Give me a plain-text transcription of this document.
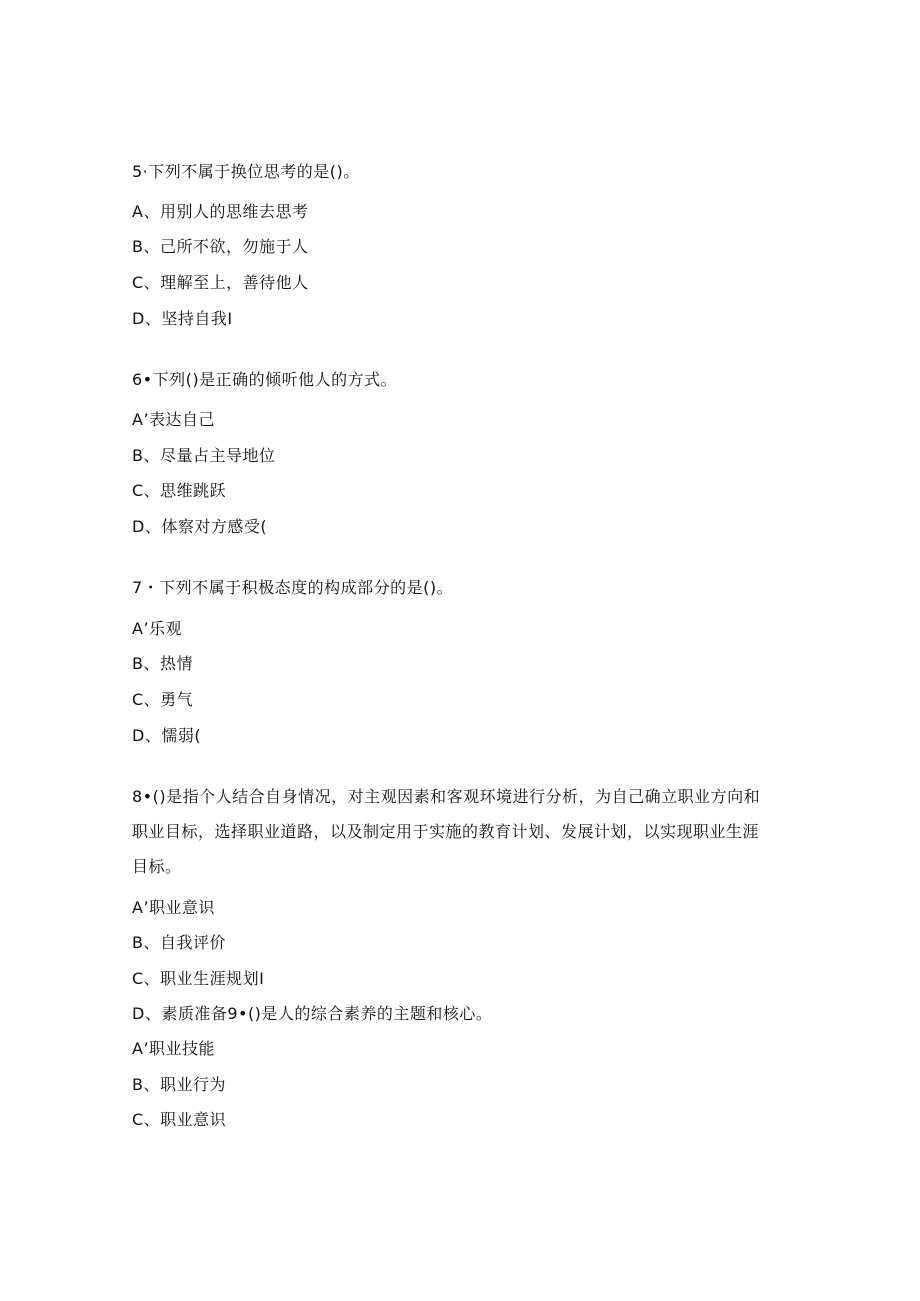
5·下列不属于换位思考的是()。
A、用别人的思维去思考
B、己所不欲，勿施于人
C、理解至上，善待他人
D、坚持自我I
6•下列()是正确的倾听他人的方式。
A’表达自己
B、尽量占主导地位
C、思维跳跃
D、体察对方感受(
7・下列不属于积极态度的构成部分的是()。
A’乐观
B、热情
C、勇气
D、懦弱(
8•()是指个人结合自身情况，对主观因素和客观环境进行分析，为自己确立职业方向和
职业目标，选择职业道路，以及制定用于实施的教育计划、发展计划，以实现职业生涯
目标。
A’职业意识
B、自我评价
C、职业生涯规划I
D、素质准备9•()是人的综合素养的主题和核心。
A’职业技能
B、职业行为
C、职业意识
